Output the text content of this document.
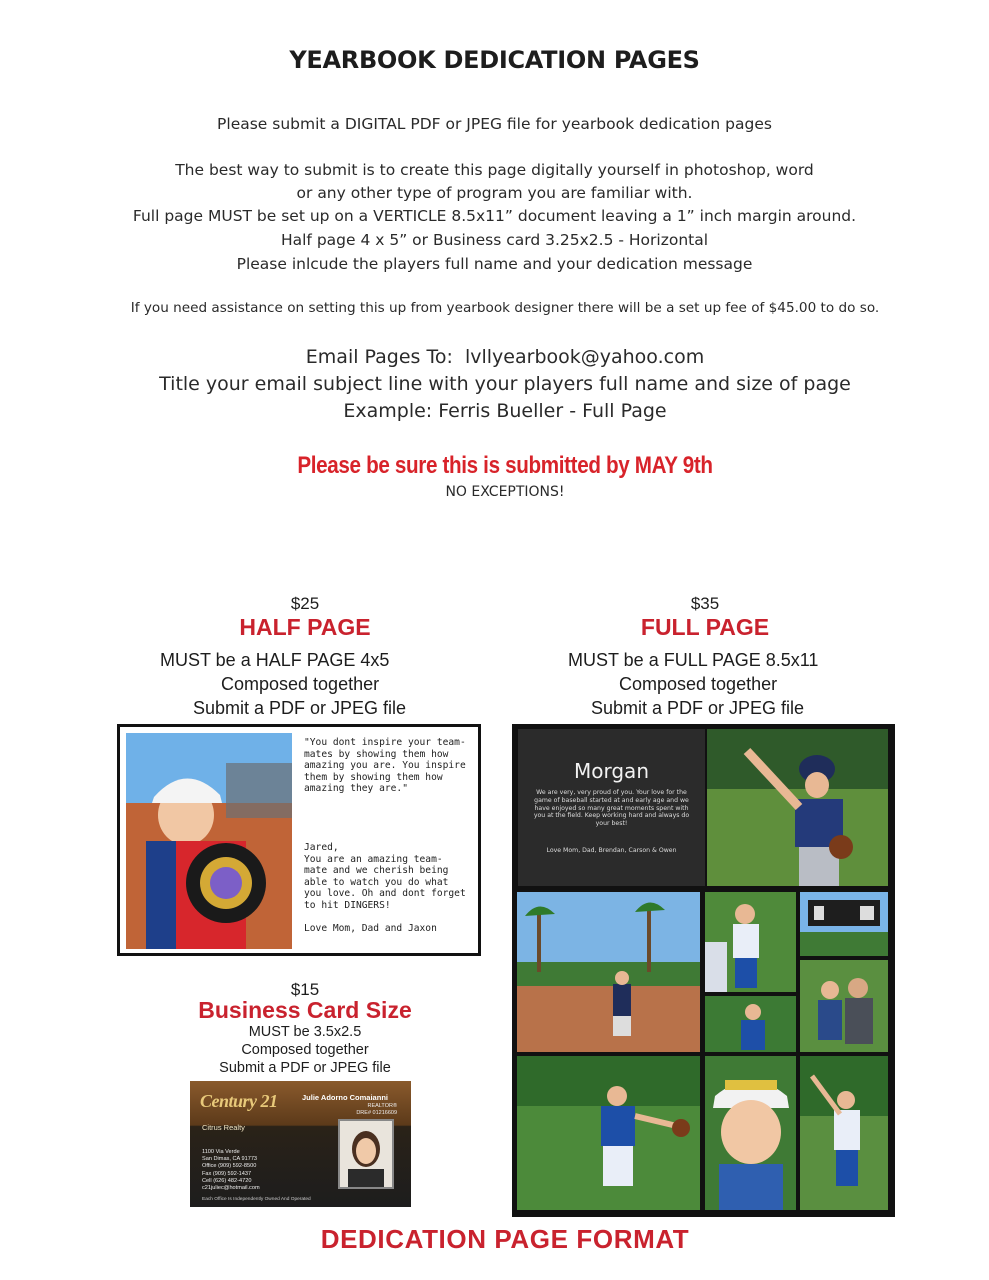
YEARBOOK DEDICATION PAGES
Please submit a DIGITAL PDF or JPEG file for yearbook dedication pages
The best way to submit is to create this page digitally yourself in photoshop, word
or any other type of program you are familiar with.
Full page MUST be set up on a VERTICLE 8.5x11” document leaving a 1” inch margin around.
Half page 4 x 5” or Business card 3.25x2.5 - Horizontal
Please inlcude the players full name and your dedication message
If you need assistance on setting this up from yearbook designer there will be a set up fee of $45.00 to do so.
Email Pages To: lvllyearbook@yahoo.com
Title your email subject line with your players full name and size of page
Example: Ferris Bueller - Full Page
Please be sure this is submitted by MAY 9th
NO EXCEPTIONS!
$25
HALF PAGE
MUST be a HALF PAGE 4x5
Composed together
Submit a PDF or JPEG file
"You dont inspire your team-
mates by showing them how
amazing you are. You inspire
them by showing them how
amazing they are."
Jared,
You are an amazing team-
mate and we cherish being
able to watch you do what
you love. Oh and dont forget
to hit DINGERS!

Love Mom, Dad and Jaxon
$15
Business Card Size
MUST be 3.5x2.5
Composed together
Submit a PDF or JPEG file
Century 21
Citrus Realty
Julie Adorno Comaianni
REALTOR®
DRE# 01216609
1100 Via Verde
San Dimas, CA 91773
Office (909) 592-8500
Fax (909) 592-1437
Cell (626) 482-4720
c21juliec@hotmail.com
Each Office Is Independently Owned And Operated
$35
FULL PAGE
MUST be a FULL PAGE 8.5x11
Composed together
Submit a PDF or JPEG file
Morgan
We are very, very proud of you. Your love for the game of baseball started at and early age and we have enjoyed so many great moments spent with you at the field. Keep working hard and always do your best!
Love Mom, Dad, Brendan, Carson & Owen
DEDICATION PAGE FORMAT
